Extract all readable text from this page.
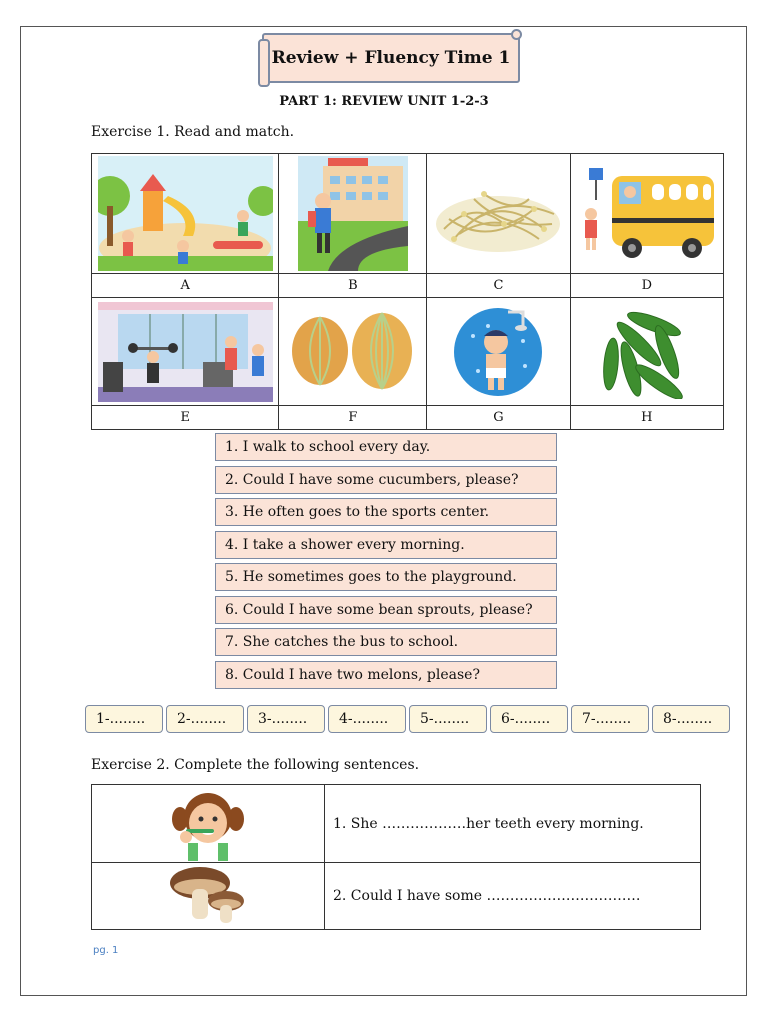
Review + Fluency Time 1
PART 1: REVIEW UNIT 1-2-3
Exercise 1. Read and match.

A	B	C	D

E	F	G	H
1. I walk to school every day.
2. Could I have some cucumbers, please?
3. He often goes to the sports center.
4. I take a shower every morning.
5. He sometimes goes to the playground.
6. Could I have some bean sprouts, please?
7. She catches the bus to school.
8. Could I have two melons, please?
1-........	2-........	3-........	4-........	5-........	6-........	7-........	8-........
Exercise 2. Complete the following sentences.
	1. She ………………her teeth every morning.

	2. Could I have some ……………………………
pg. 1
